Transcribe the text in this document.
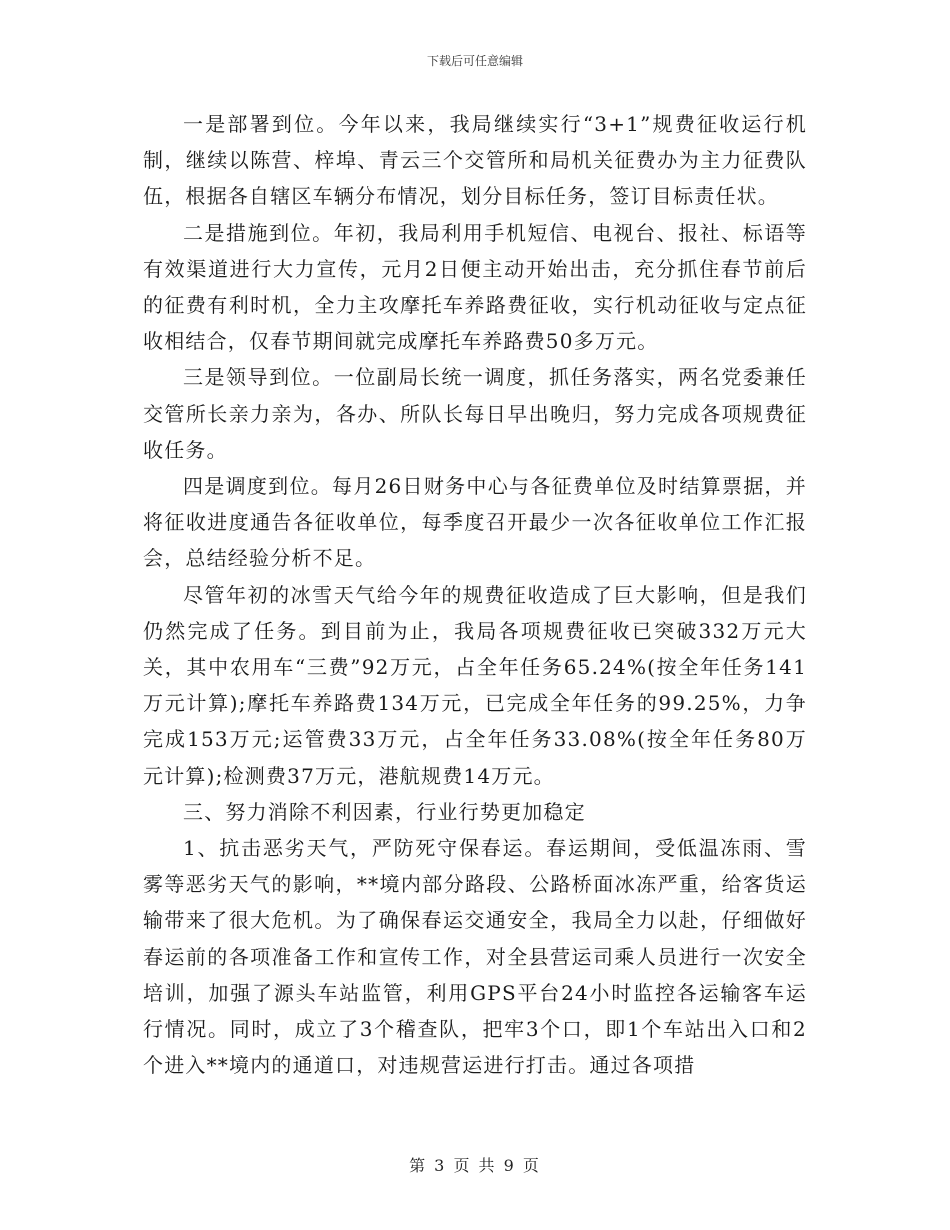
下载后可任意编辑

一是部署到位。今年以来，我局继续实行“3+1”规费征收运行机制，继续以陈营、梓埠、青云三个交管所和局机关征费办为主力征费队伍，根据各自辖区车辆分布情况，划分目标任务，签订目标责任状。

二是措施到位。年初，我局利用手机短信、电视台、报社、标语等有效渠道进行大力宣传，元月2日便主动开始出击，充分抓住春节前后的征费有利时机，全力主攻摩托车养路费征收，实行机动征收与定点征收相结合，仅春节期间就完成摩托车养路费50多万元。

三是领导到位。一位副局长统一调度，抓任务落实，两名党委兼任交管所长亲力亲为，各办、所队长每日早出晚归，努力完成各项规费征收任务。

四是调度到位。每月26日财务中心与各征费单位及时结算票据，并将征收进度通告各征收单位，每季度召开最少一次各征收单位工作汇报会，总结经验分析不足。

尽管年初的冰雪天气给今年的规费征收造成了巨大影响，但是我们仍然完成了任务。到目前为止，我局各项规费征收已突破332万元大关，其中农用车“三费”92万元，占全年任务65.24%(按全年任务141万元计算);摩托车养路费134万元，已完成全年任务的99.25%，力争完成153万元;运管费33万元，占全年任务33.08%(按全年任务80万元计算);检测费37万元，港航规费14万元。

三、努力消除不利因素，行业行势更加稳定

1、抗击恶劣天气，严防死守保春运。春运期间，受低温冻雨、雪雾等恶劣天气的影响，**境内部分路段、公路桥面冰冻严重，给客货运输带来了很大危机。为了确保春运交通安全，我局全力以赴，仔细做好春运前的各项准备工作和宣传工作，对全县营运司乘人员进行一次安全培训，加强了源头车站监管，利用GPS平台24小时监控各运输客车运行情况。同时，成立了3个稽查队，把牢3个口，即1个车站出入口和2个进入**境内的通道口，对违规营运进行打击。通过各项措

第 3 页 共 9 页
